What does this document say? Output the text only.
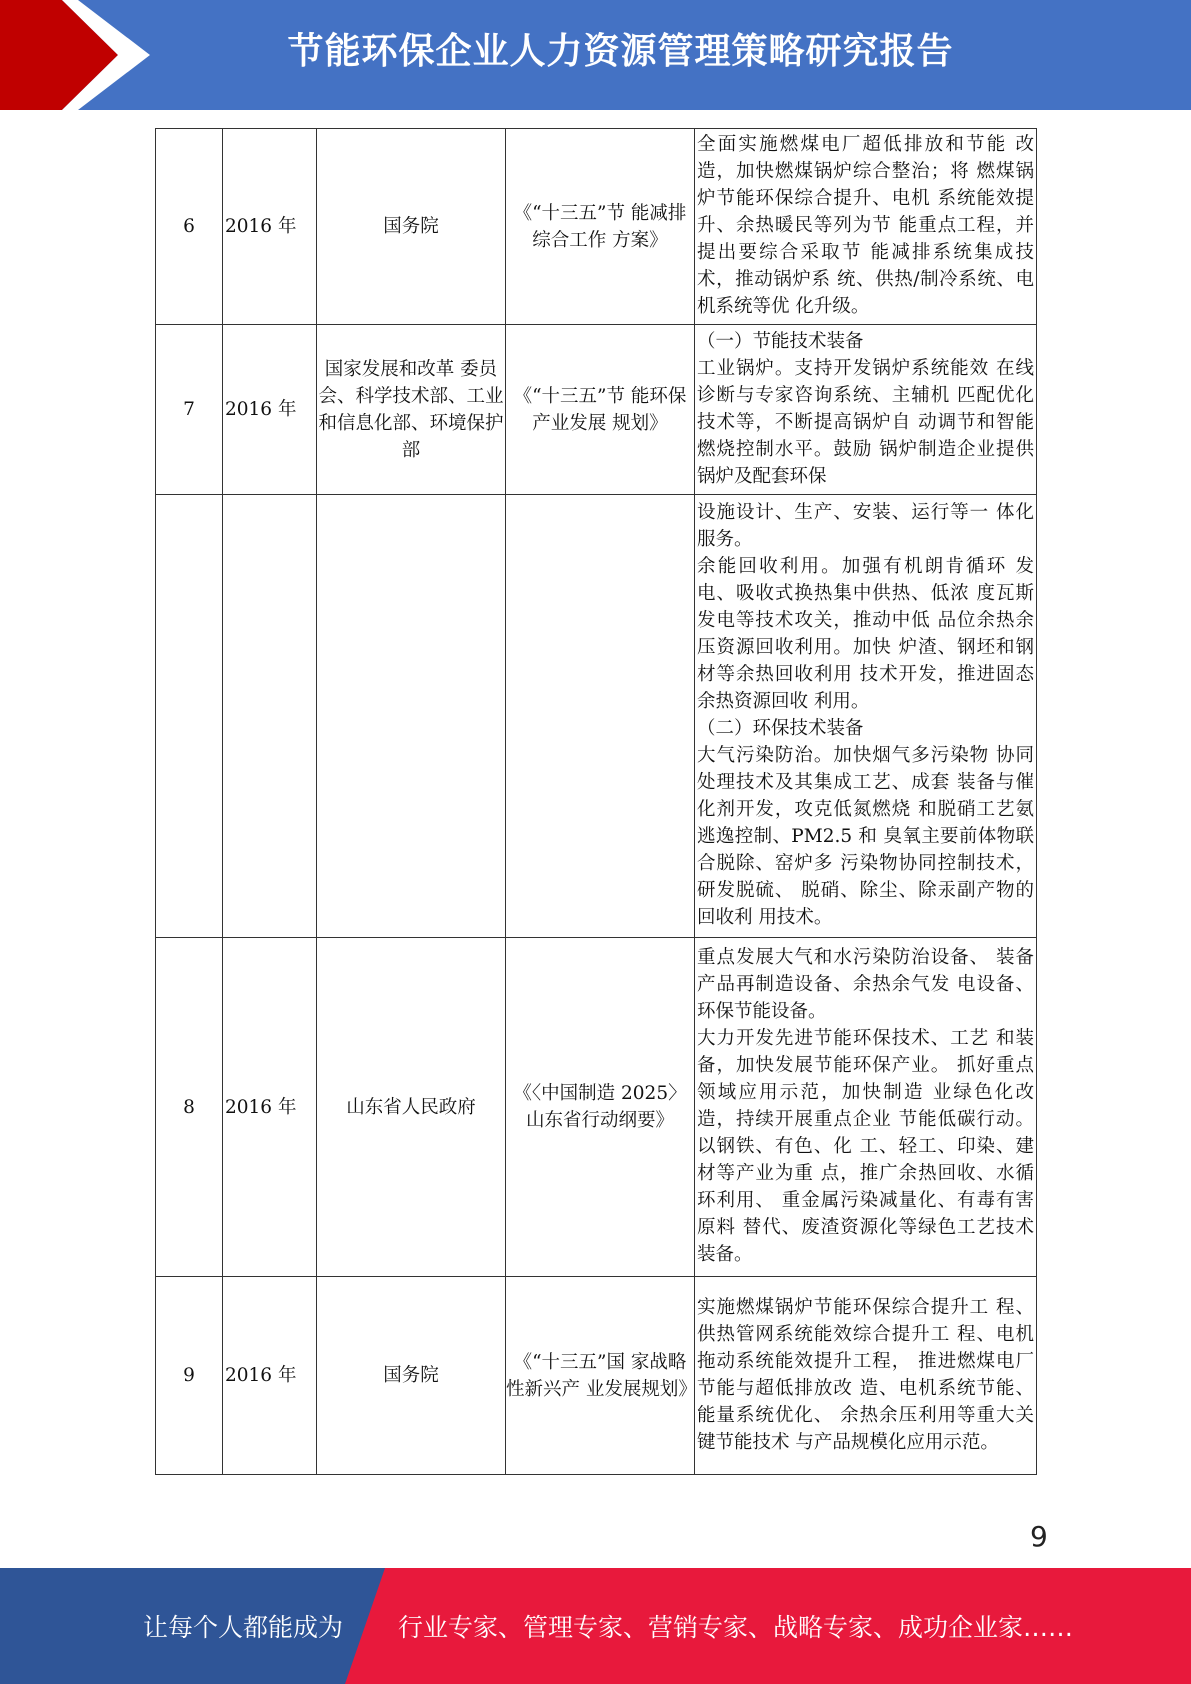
节能环保企业人力资源管理策略研究报告
6	2016 年	国务院	《“十三五”节 能减排综合工作 方案》	全面实施燃煤电厂超低排放和节能 改造，加快燃煤锅炉综合整治；将 燃煤锅炉节能环保综合提升、电机 系统能效提升、余热暖民等列为节 能重点工程，并提出要综合采取节 能减排系统集成技术，推动锅炉系 统、供热/制冷系统、电机系统等优 化升级。

7	2016 年	国家发展和改革 委员会、科学技术部、工业和信息化部、环境保护部	《“十三五”节 能环保产业发展 规划》	（一）节能技术装备
工业锅炉。支持开发锅炉系统能效 在线诊断与专家咨询系统、主辅机 匹配优化技术等，不断提高锅炉自 动调节和智能燃烧控制水平。鼓励 锅炉制造企业提供锅炉及配套环保

				设施设计、生产、安装、运行等一 体化服务。
余能回收利用。加强有机朗肯循环 发电、吸收式换热集中供热、低浓 度瓦斯发电等技术攻关，推动中低 品位余热余压资源回收利用。加快 炉渣、钢坯和钢材等余热回收利用 技术开发，推进固态余热资源回收 利用。
（二）环保技术装备
大气污染防治。加快烟气多污染物 协同处理技术及其集成工艺、成套 装备与催化剂开发，攻克低氮燃烧 和脱硝工艺氨逃逸控制、PM2.5 和 臭氧主要前体物联合脱除、窑炉多 污染物协同控制技术，研发脱硫、 脱硝、除尘、除汞副产物的回收利 用技术。

8	2016 年	山东省人民政府	《〈中国制造 2025〉山东省行动纲要》	重点发展大气和水污染防治设备、 装备产品再制造设备、余热余气发 电设备、环保节能设备。
大力开发先进节能环保技术、工艺 和装备，加快发展节能环保产业。 抓好重点领域应用示范，加快制造 业绿色化改造，持续开展重点企业 节能低碳行动。以钢铁、有色、化 工、轻工、印染、建材等产业为重 点，推广余热回收、水循环利用、 重金属污染减量化、有毒有害原料 替代、废渣资源化等绿色工艺技术 装备。

9	2016 年	国务院	《“十三五”国 家战略性新兴产 业发展规划》	实施燃煤锅炉节能环保综合提升工 程、供热管网系统能效综合提升工 程、电机拖动系统能效提升工程， 推进燃煤电厂节能与超低排放改 造、电机系统节能、能量系统优化、 余热余压利用等重大关键节能技术 与产品规模化应用示范。
9
让每个人都能成为 行业专家、管理专家、营销专家、战略专家、成功企业家……
